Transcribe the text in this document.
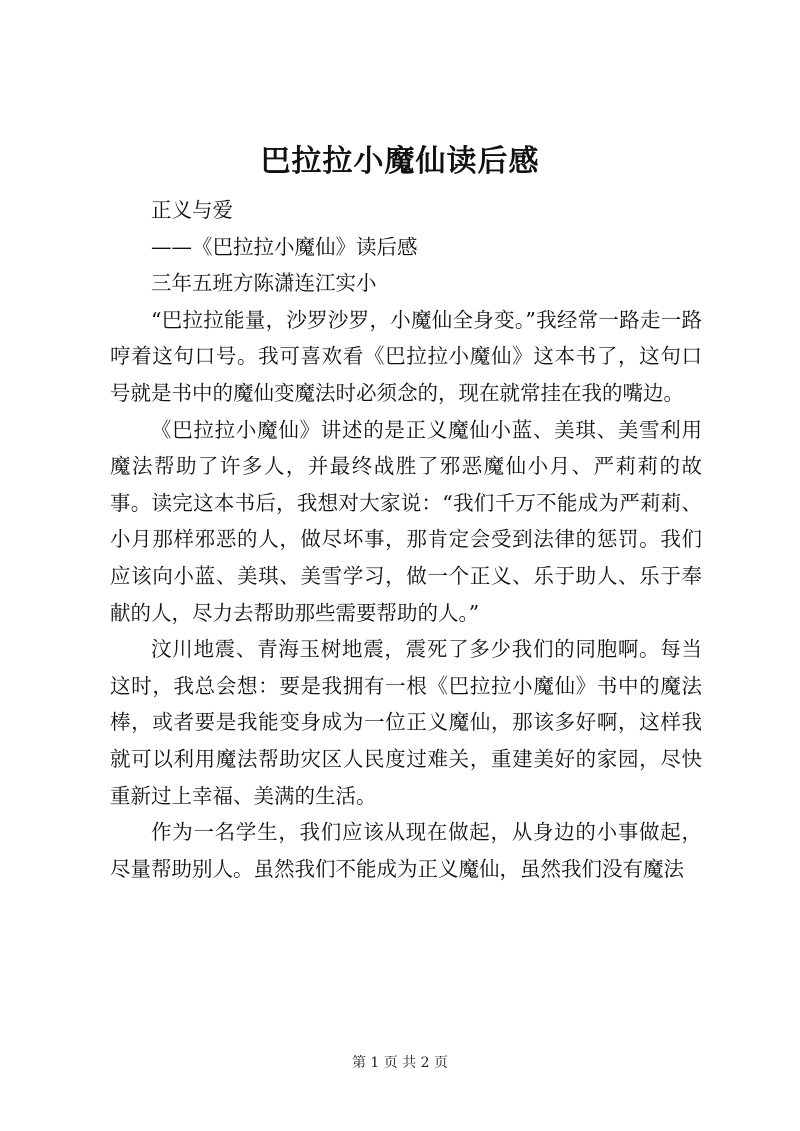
巴拉拉小魔仙读后感

正义与爱

——《巴拉拉小魔仙》读后感

三年五班方陈潇连江实小

“巴拉拉能量，沙罗沙罗，小魔仙全身变。”我经常一路走一路哼着这句口号。我可喜欢看《巴拉拉小魔仙》这本书了，这句口号就是书中的魔仙变魔法时必须念的，现在就常挂在我的嘴边。

《巴拉拉小魔仙》讲述的是正义魔仙小蓝、美琪、美雪利用魔法帮助了许多人，并最终战胜了邪恶魔仙小月、严莉莉的故事。读完这本书后，我想对大家说：“我们千万不能成为严莉莉、小月那样邪恶的人，做尽坏事，那肯定会受到法律的惩罚。我们应该向小蓝、美琪、美雪学习，做一个正义、乐于助人、乐于奉献的人，尽力去帮助那些需要帮助的人。”

汶川地震、青海玉树地震，震死了多少我们的同胞啊。每当这时，我总会想：要是我拥有一根《巴拉拉小魔仙》书中的魔法棒，或者要是我能变身成为一位正义魔仙，那该多好啊，这样我就可以利用魔法帮助灾区人民度过难关，重建美好的家园，尽快重新过上幸福、美满的生活。

作为一名学生，我们应该从现在做起，从身边的小事做起，尽量帮助别人。虽然我们不能成为正义魔仙，虽然我们没有魔法

第 1 页 共 2 页
